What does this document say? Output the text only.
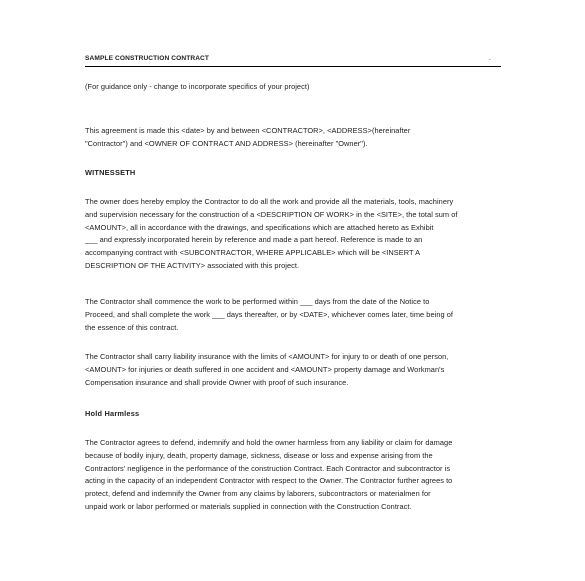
SAMPLE CONSTRUCTION CONTRACT	.

(For guidance only - change to incorporate specifics of your project)

This agreement is made this <date> by and between <CONTRACTOR>, <ADDRESS>(hereinafter

"Contractor") and <OWNER OF CONTRACT AND ADDRESS> (hereinafter "Owner").

WITNESSETH

The owner does hereby employ the Contractor to do all the work and provide all the materials, tools, machinery

and supervision necessary for the construction of a <DESCRIPTION OF WORK> in the <SITE>, the total sum of

<AMOUNT>, all in accordance with the drawings, and specifications which are attached hereto as Exhibit

___ and expressly incorporated herein by reference and made a part hereof. Reference is made to an

accompanying contract with <SUBCONTRACTOR, WHERE APPLICABLE> which will be <INSERT A

DESCRIPTION OF THE ACTIVITY> associated with this project.

The Contractor shall commence the work to be performed within ___ days from the date of the Notice to

Proceed, and shall complete the work ___ days thereafter, or by <DATE>, whichever comes later, time being of

the essence of this contract.

The Contractor shall carry liability insurance with the limits of <AMOUNT> for injury to or death of one person,

<AMOUNT> for injuries or death suffered in one accident and <AMOUNT> property damage and Workman's

Compensation insurance and shall provide Owner with proof of such insurance.

Hold Harmless

The Contractor agrees to defend, indemnify and hold the owner harmless from any liability or claim for damage

because of bodily injury, death, property damage, sickness, disease or loss and expense arising from the

Contractors' negligence in the performance of the construction Contract. Each Contractor and subcontractor is

acting in the capacity of an independent Contractor with respect to the Owner. The Contractor further agrees to

protect, defend and indemnify the Owner from any claims by laborers, subcontractors or materialmen for

unpaid work or labor performed or materials supplied in connection with the Construction Contract.
